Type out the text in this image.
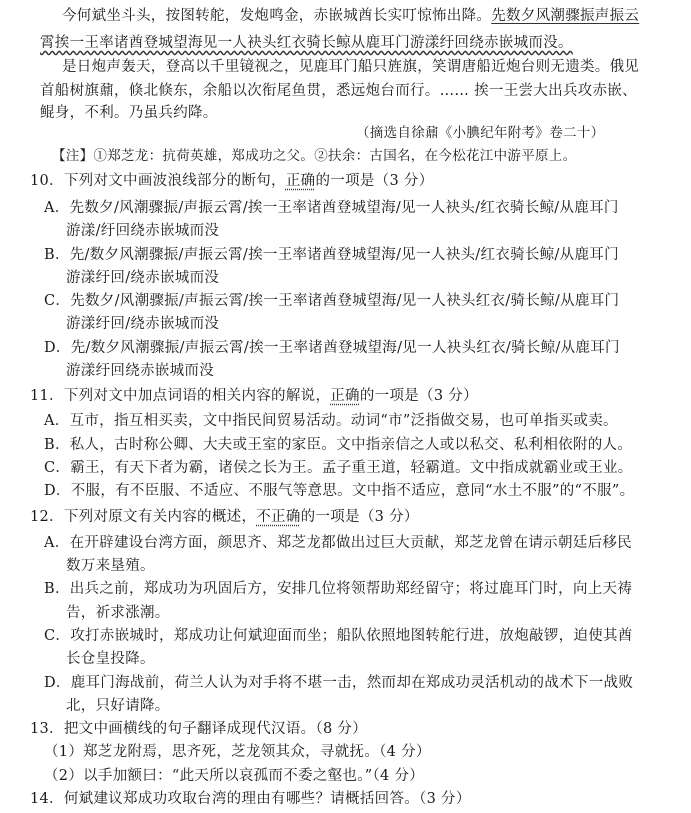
今何斌坐斗头，按图转舵，发炮鸣金，赤嵌城酋长实叮惊怖出降。先数夕风潮骤振声振云
霄挨一王率诸酋登城望海见一人袂头红衣骑长鲸从鹿耳门游漾纡回绕赤嵌城而没。
是日炮声轰天，登高以千里镜视之，见鹿耳门船只旌旗，笑谓唐船近炮台则无遗类。俄见
首船树旗鼐，倏北倏东，余船以次衔尾鱼贯，悉远炮台而行。…… 挨一王尝大出兵攻赤嵌、
鲲身，不利。乃虽兵约降。
（摘选自徐鼐《小腆纪年附考》卷二十）
【注】①郑芝龙：抗荷英雄，郑成功之父。②扶余：古国名，在今松花江中游平原上。
10．下列对文中画波浪线部分的断句，正确的一项是（3 分）
A．先数夕/风潮骤振/声振云霄/挨一王率诸酋登城望海/见一人袂头/红衣骑长鲸/从鹿耳门
游漾/纡回绕赤嵌城而没
B．先/数夕风潮骤振/声振云霄/挨一王率诸酋登城望海/见一人袂头/红衣骑长鲸/从鹿耳门
游漾纡回/绕赤嵌城而没
C．先数夕/风潮骤振/声振云霄/挨一王率诸酋登城望海/见一人袂头红衣/骑长鲸/从鹿耳门
游漾纡回/绕赤嵌城而没
D．先/数夕风潮骤振/声振云霄/挨一王率诸酋登城望海/见一人袂头红衣/骑长鲸/从鹿耳门
游漾纡回绕赤嵌城而没
11．下列对文中加点词语的相关内容的解说，正确的一项是（3 分）
A．互市，指互相买卖，文中指民间贸易活动。动词“市”泛指做交易，也可单指买或卖。
B．私人，古时称公卿、大夫或王室的家臣。文中指亲信之人或以私交、私利相依附的人。
C．霸王，有天下者为霸，诸侯之长为王。孟子重王道，轻霸道。文中指成就霸业或王业。
D．不服，有不臣服、不适应、不服气等意思。文中指不适应，意同“水土不服”的“不服”。
12．下列对原文有关内容的概述，不正确的一项是（3 分）
A．在开辟建设台湾方面，颜思齐、郑芝龙都做出过巨大贡献，郑芝龙曾在请示朝廷后移民
数万来垦殖。
B．出兵之前，郑成功为巩固后方，安排几位将领帮助郑经留守；将过鹿耳门时，向上天祷
告，祈求涨潮。
C．攻打赤嵌城时，郑成功让何斌迎面而坐；船队依照地图转舵行进，放炮敲锣，迫使其酋
长仓皇投降。
D．鹿耳门海战前，荷兰人认为对手将不堪一击，然而却在郑成功灵活机动的战术下一战败
北，只好请降。
13．把文中画横线的句子翻译成现代汉语。（8 分）
（1）郑芝龙附焉，思齐死，芝龙领其众，寻就抚。（4 分）
（2）以手加额曰：“此天所以哀孤而不委之壑也。”（4 分）
14．何斌建议郑成功攻取台湾的理由有哪些？请概括回答。（3 分）
